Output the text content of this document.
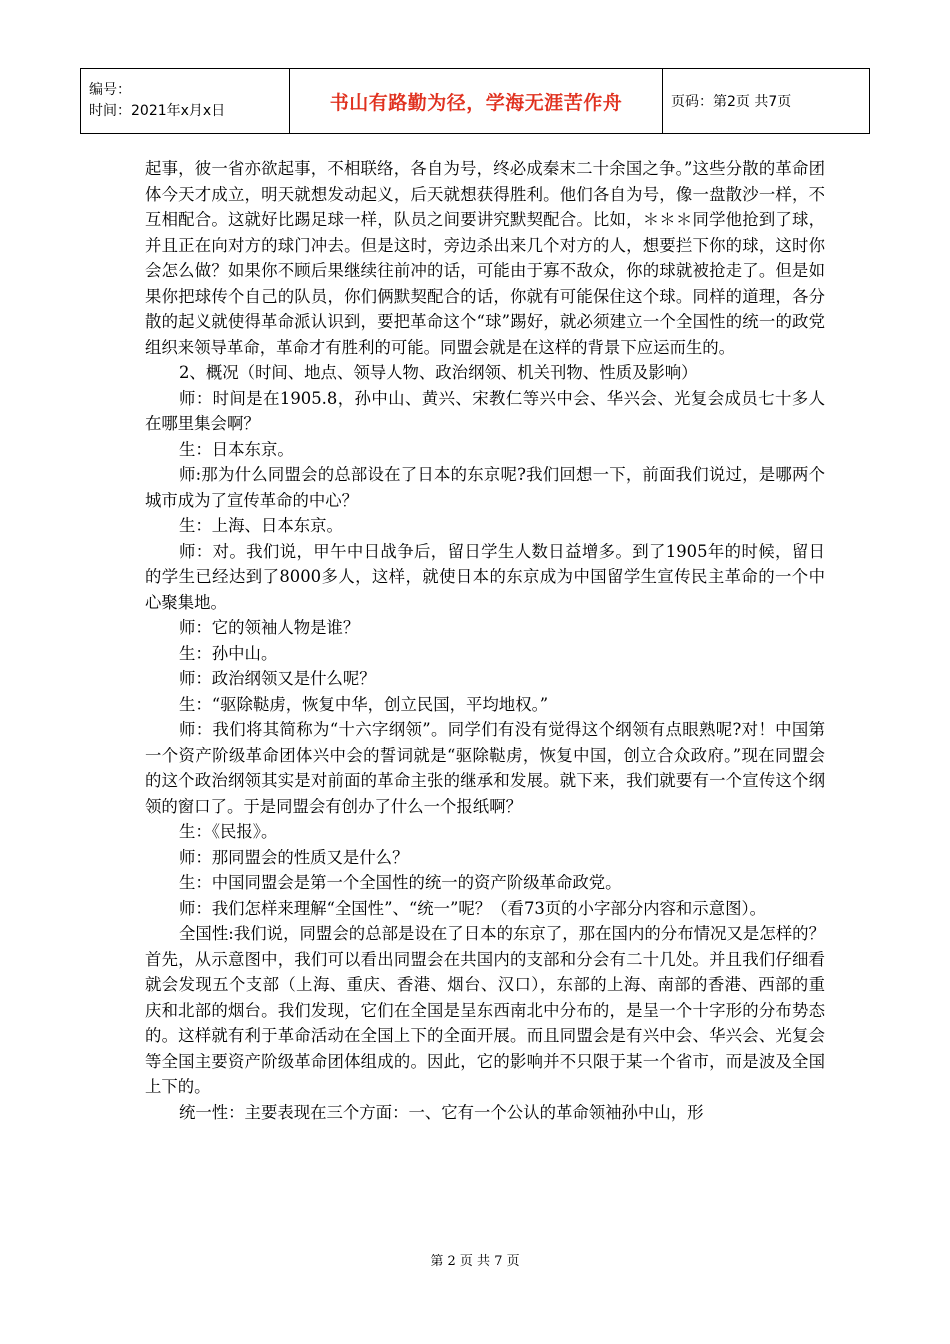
编号：
时间：2021年x月x日	书山有路勤为径，学海无涯苦作舟	页码：第2页 共7页

起事，彼一省亦欲起事，不相联络，各自为号，终必成秦末二十余国之争。”这些分散的革命团体今天才成立，明天就想发动起义，后天就想获得胜利。他们各自为号，像一盘散沙一样，不互相配合。这就好比踢足球一样，队员之间要讲究默契配合。比如，＊＊＊同学他抢到了球，并且正在向对方的球门冲去。但是这时，旁边杀出来几个对方的人，想要拦下你的球，这时你会怎么做？如果你不顾后果继续往前冲的话，可能由于寡不敌众，你的球就被抢走了。但是如果你把球传个自己的队员，你们俩默契配合的话，你就有可能保住这个球。同样的道理，各分散的起义就使得革命派认识到，要把革命这个“球”踢好，就必须建立一个全国性的统一的政党组织来领导革命，革命才有胜利的可能。同盟会就是在这样的背景下应运而生的。

2、概况（时间、地点、领导人物、政治纲领、机关刊物、性质及影响）

师：时间是在1905.8，孙中山、黄兴、宋教仁等兴中会、华兴会、光复会成员七十多人在哪里集会啊？

生：日本东京。

师:那为什么同盟会的总部设在了日本的东京呢?我们回想一下，前面我们说过，是哪两个城市成为了宣传革命的中心？

生：上海、日本东京。

师：对。我们说，甲午中日战争后，留日学生人数日益增多。到了1905年的时候，留日的学生已经达到了8000多人，这样，就使日本的东京成为中国留学生宣传民主革命的一个中心聚集地。

师：它的领袖人物是谁？

生：孙中山。

师：政治纲领又是什么呢？

生：“驱除鞑虏，恢复中华，创立民国，平均地权。”

师：我们将其简称为“十六字纲领”。同学们有没有觉得这个纲领有点眼熟呢?对！中国第一个资产阶级革命团体兴中会的誓词就是“驱除鞑虏，恢复中国，创立合众政府。”现在同盟会的这个政治纲领其实是对前面的革命主张的继承和发展。就下来，我们就要有一个宣传这个纲领的窗口了。于是同盟会有创办了什么一个报纸啊？

生：《民报》。

师：那同盟会的性质又是什么？

生：中国同盟会是第一个全国性的统一的资产阶级革命政党。

师：我们怎样来理解“全国性”、“统一”呢？（看73页的小字部分内容和示意图）。

全国性:我们说，同盟会的总部是设在了日本的东京了，那在国内的分布情况又是怎样的？首先，从示意图中，我们可以看出同盟会在共国内的支部和分会有二十几处。并且我们仔细看就会发现五个支部（上海、重庆、香港、烟台、汉口），东部的上海、南部的香港、西部的重庆和北部的烟台。我们发现，它们在全国是呈东西南北中分布的，是呈一个十字形的分布势态的。这样就有利于革命活动在全国上下的全面开展。而且同盟会是有兴中会、华兴会、光复会等全国主要资产阶级革命团体组成的。因此，它的影响并不只限于某一个省市，而是波及全国上下的。

统一性：主要表现在三个方面：一、它有一个公认的革命领袖孙中山，形

第 2 页 共 7 页
